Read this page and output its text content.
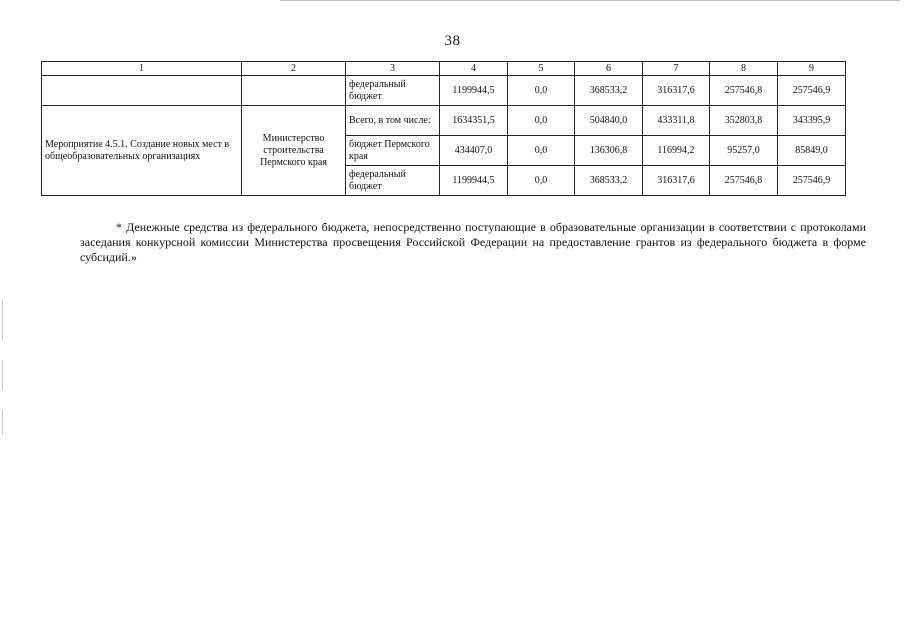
38
1	2	3	4	5	6	7	8	9
		федеральный бюджет	1199944,5	0,0	368533,2	316317,6	257546,8	257546,9
Мероприятие 4.5.1. Создание новых мест в общеобразовательных организациях	Министерство строительства Пермского края	Всего, в том числе:	1634351,5	0,0	504840,0	433311,8	352803,8	343395,9
		бюджет Пермского края	434407,0	0,0	136306,8	116994,2	95257,0	85849,0
		федеральный бюджет	1199944,5	0,0	368533,2	316317,6	257546,8	257546,9
* Денежные средства из федерального бюджета, непосредственно поступающие в образовательные организации в соответствии с протоколами заседания конкурсной комиссии Министерства просвещения Российской Федерации на предоставление грантов из федерального бюджета в форме субсидий.»
